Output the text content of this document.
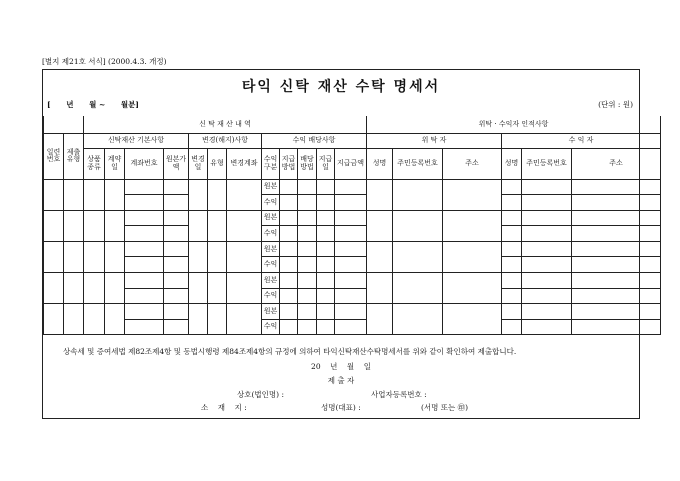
[별지 제21호 서식] (2000.4.3. 개정)
타익 신탁 재산 수탁 명세서
[      년      월 ~      월분]	(단위 : 원)
		신 탁 재 산 내 역												위탁 · 수익자 인적사항					
일련번호	제출유형	신탁재산 기본사항				변경(해지)사항			수익 배당사항					위 탁 자			수 익 자		
		상품종류	계약일	계좌번호	원본가액	변경일	유형	변경계좌	수익구분	지급방법	배당방법	지급일	지급금액	성명	주민등록번호	주소	성명	주민등록번호	주소
									원본										
									수익										
									원본										
									수익										
									원본										
									수익										
									원본										
									수익										
									원본										
									수익										
상속세 및 증여세법 제82조제4항 및 동법시행령 제84조제4항의 규정에 의하여 타익신탁재산수탁명세서를 위와 같이 확인하여 제출합니다.
20    년    월    일
제 출 자
상호(법인명) :	사업자등록번호 :
소    재    지 :	성명(대표) :	(서명 또는 ㊞)
